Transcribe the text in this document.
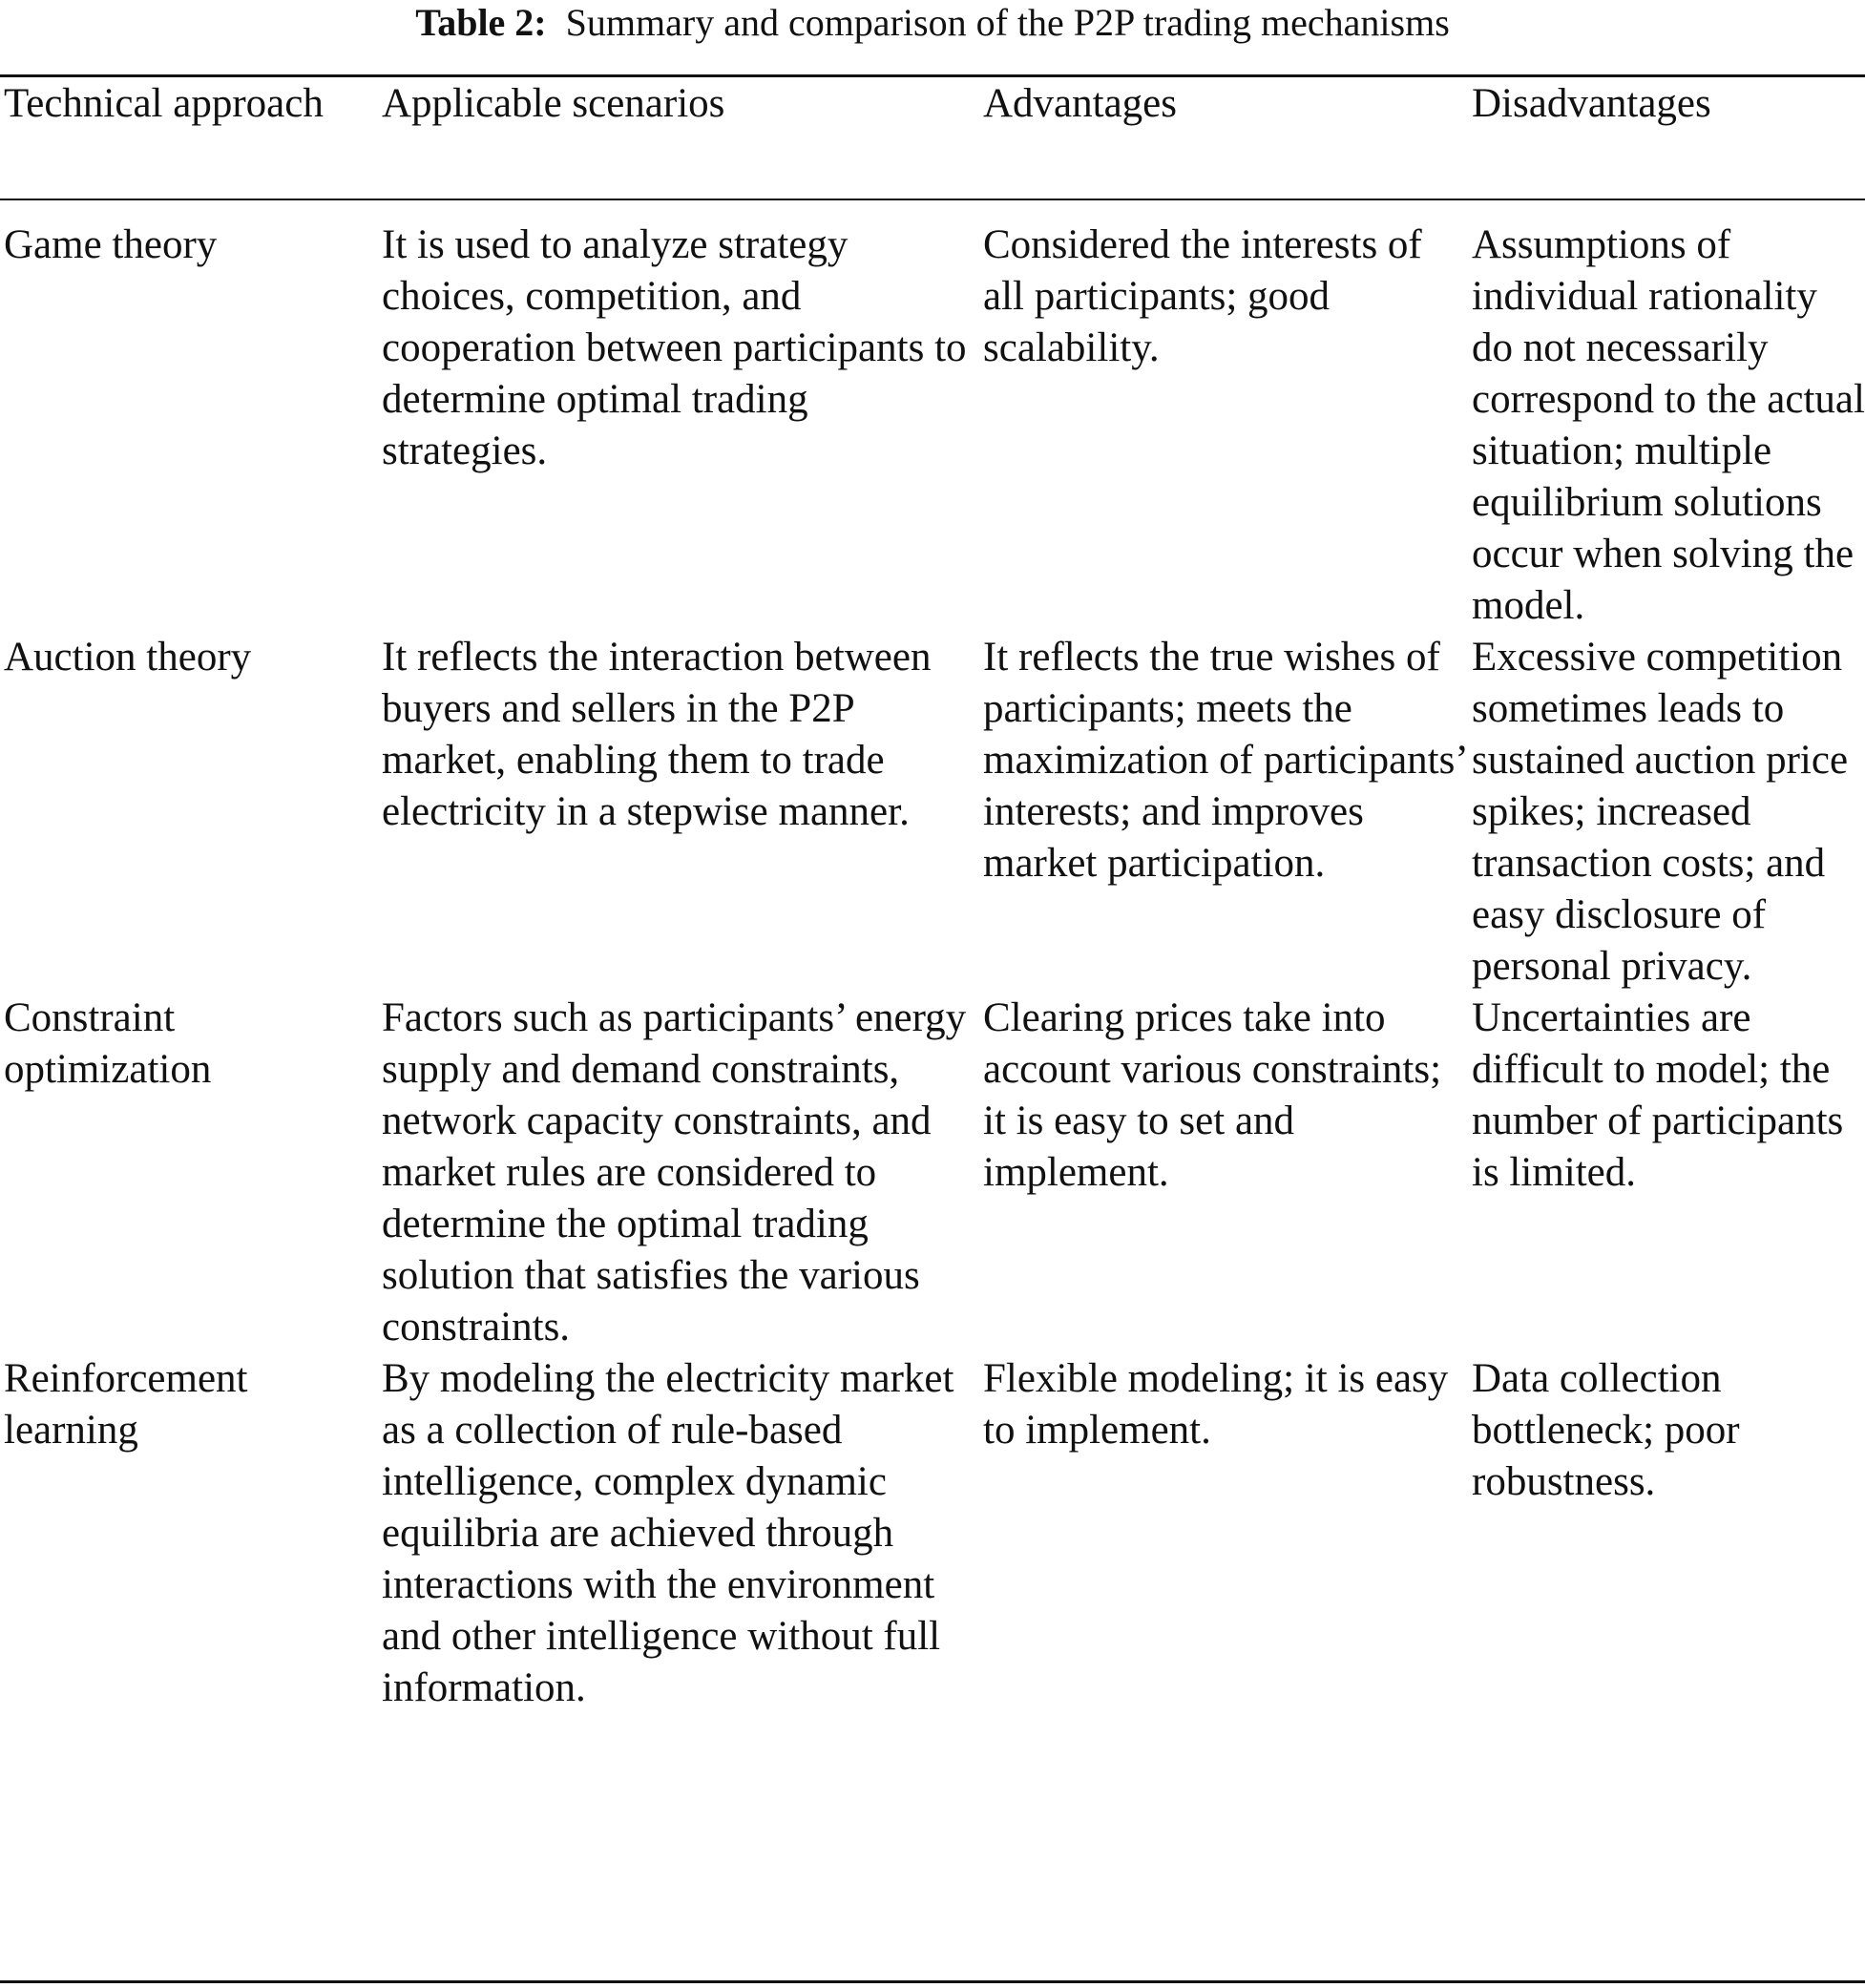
Table 2: Summary and comparison of the P2P trading mechanisms
Technical approach	Applicable scenarios	Advantages	Disadvantages
Game theory	It is used to analyze strategy choices, competition, and cooperation between participants to determine optimal trading strategies.	Considered the interests of all participants; good scalability.	Assumptions of individual rationality do not necessarily correspond to the actual situation; multiple equilibrium solutions occur when solving the model.
Auction theory	It reflects the interaction between buyers and sellers in the P2P market, enabling them to trade electricity in a stepwise manner.	It reflects the true wishes of participants; meets the maximization of participants’ interests; and improves market participation.	Excessive competition sometimes leads to sustained auction price spikes; increased transaction costs; and easy disclosure of personal privacy.
Constraint optimization	Factors such as participants’ energy supply and demand constraints, network capacity constraints, and market rules are considered to determine the optimal trading solution that satisfies the various constraints.	Clearing prices take into account various constraints; it is easy to set and implement.	Uncertainties are difficult to model; the number of participants is limited.
Reinforcement learning	By modeling the electricity market as a collection of rule-based intelligence, complex dynamic equilibria are achieved through interactions with the environment and other intelligence without full information.	Flexible modeling; it is easy to implement.	Data collection bottleneck; poor robustness.
